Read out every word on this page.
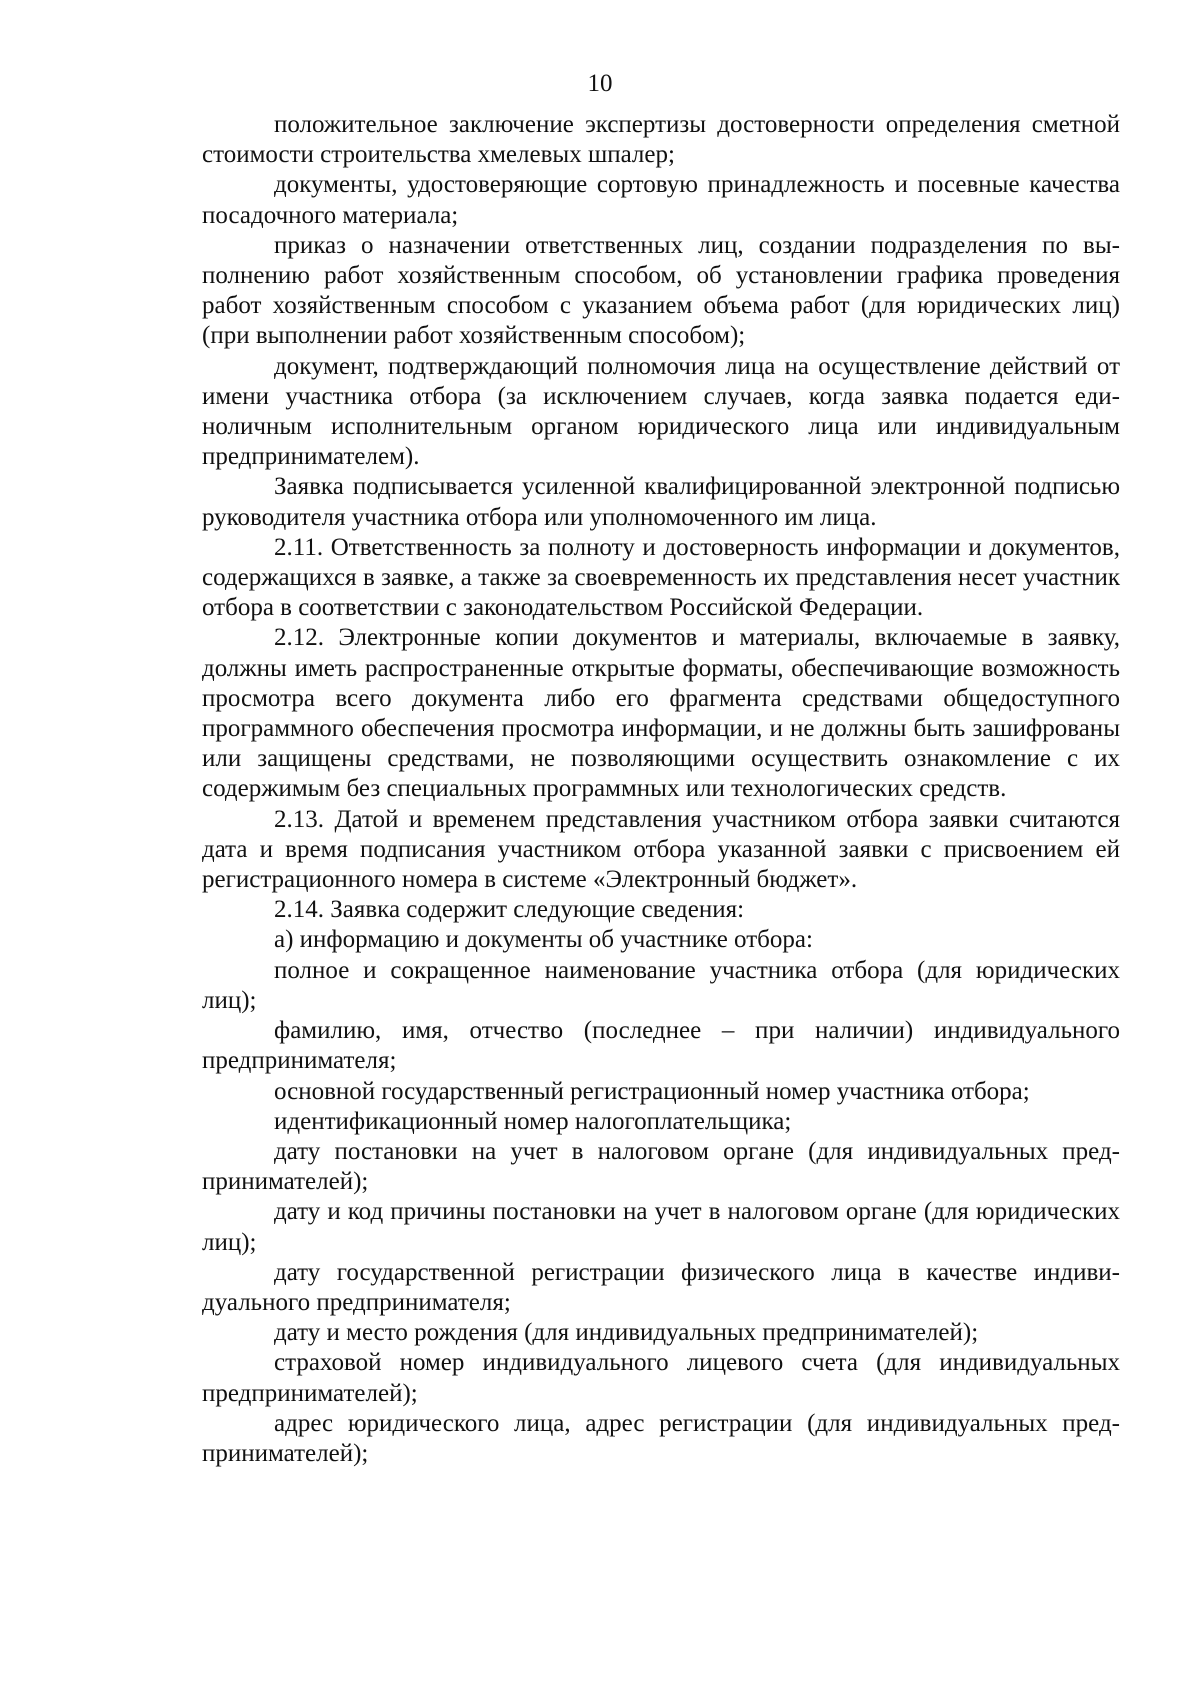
10

положительное заключение экспертизы достоверности определения сметной стоимости строительства хмелевых шпалер;

документы, удостоверяющие сортовую принадлежность и посевные качества посадочного материала;

приказ о назначении ответственных лиц, создании подразделения по выполнению работ хозяйственным способом, об установлении графика проведения работ хозяйственным способом с указанием объема работ (для юридических лиц) (при выполнении работ хозяйственным способом);

документ, подтверждающий полномочия лица на осуществление действий от имени участника отбора (за исключением случаев, когда заявка подается единоличным исполнительным органом юридического лица или индивидуальным предпринимателем).

Заявка подписывается усиленной квалифицированной электронной подписью руководителя участника отбора или уполномоченного им лица.

2.11. Ответственность за полноту и достоверность информации и документов, содержащихся в заявке, а также за своевременность их представления несет участник отбора в соответствии с законодательством Российской Федерации.

2.12. Электронные копии документов и материалы, включаемые в заявку, должны иметь распространенные открытые форматы, обеспечивающие возможность просмотра всего документа либо его фрагмента средствами общедоступного программного обеспечения просмотра информации, и не должны быть зашифрованы или защищены средствами, не позволяющими осуществить ознакомление с их содержимым без специальных программных или технологических средств.

2.13. Датой и временем представления участником отбора заявки считаются дата и время подписания участником отбора указанной заявки с присвоением ей регистрационного номера в системе «Электронный бюджет».

2.14. Заявка содержит следующие сведения:

а) информацию и документы об участнике отбора:

полное и сокращенное наименование участника отбора (для юридических лиц);

фамилию, имя, отчество (последнее – при наличии) индивидуального предпринимателя;

основной государственный регистрационный номер участника отбора;

идентификационный номер налогоплательщика;

дату постановки на учет в налоговом органе (для индивидуальных предпринимателей);

дату и код причины постановки на учет в налоговом органе (для юридических лиц);

дату государственной регистрации физического лица в качестве индивидуального предпринимателя;

дату и место рождения (для индивидуальных предпринимателей);

страховой номер индивидуального лицевого счета (для индивидуальных предпринимателей);

адрес юридического лица, адрес регистрации (для индивидуальных предпринимателей);
